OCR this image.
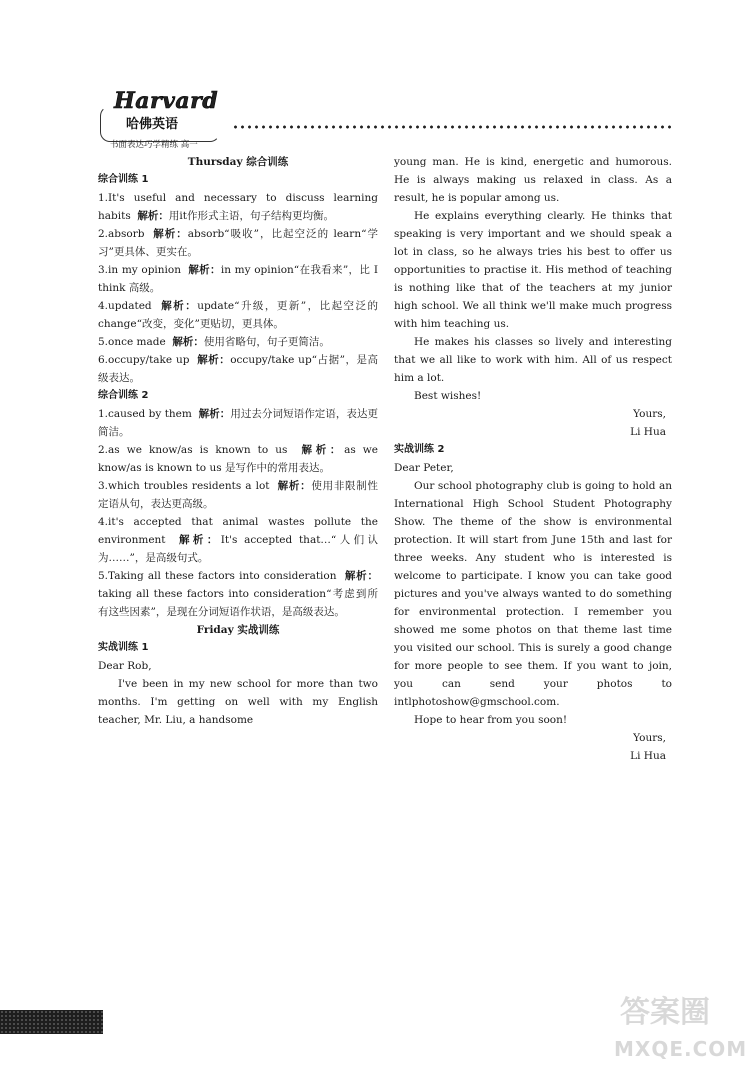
Harvard
哈佛英语
书面表达巧学精练 高一
Thursday 综合训练
综合训练 1
1.It's useful and necessary to discuss learning habits 解析：用it作形式主语，句子结构更均衡。
2.absorb 解析：absorb“吸收”，比起空泛的 learn“学习”更具体、更实在。
3.in my opinion 解析：in my opinion“在我看来”，比 I think 高级。
4.updated 解析：update“升级，更新”，比起空泛的 change“改变，变化”更贴切，更具体。
5.once made 解析：使用省略句，句子更简洁。
6.occupy/take up 解析：occupy/take up“占据”，是高级表达。
综合训练 2
1.caused by them 解析：用过去分词短语作定语，表达更简洁。
2.as we know/as is known to us 解析：as we know/as is known to us 是写作中的常用表达。
3.which troubles residents a lot 解析：使用非限制性定语从句，表达更高级。
4.it's accepted that animal wastes pollute the environment 解析：It's accepted that…“人们认为……”，是高级句式。
5.Taking all these factors into consideration 解析：taking all these factors into consideration“考虑到所有这些因素”，是现在分词短语作状语，是高级表达。
Friday 实战训练
实战训练 1
Dear Rob,
I've been in my new school for more than two months. I'm getting on well with my English teacher, Mr. Liu, a handsome
young man. He is kind, energetic and humorous. He is always making us relaxed in class. As a result, he is popular among us.
He explains everything clearly. He thinks that speaking is very important and we should speak a lot in class, so he always tries his best to offer us opportunities to practise it. His method of teaching is nothing like that of the teachers at my junior high school. We all think we'll make much progress with him teaching us.
He makes his classes so lively and interesting that we all like to work with him. All of us respect him a lot.
Best wishes!
Yours,
Li Hua
实战训练 2
Dear Peter,
Our school photography club is going to hold an International High School Student Photography Show. The theme of the show is environmental protection. It will start from June 15th and last for three weeks. Any student who is interested is welcome to participate. I know you can take good pictures and you've always wanted to do something for environmental protection. I remember you showed me some photos on that theme last time you visited our school. This is surely a good change for more people to see them. If you want to join, you can send your photos to intlphotoshow@gmschool.com.
Hope to hear from you soon!
Yours,
Li Hua
答案圈
MXQE.COM
